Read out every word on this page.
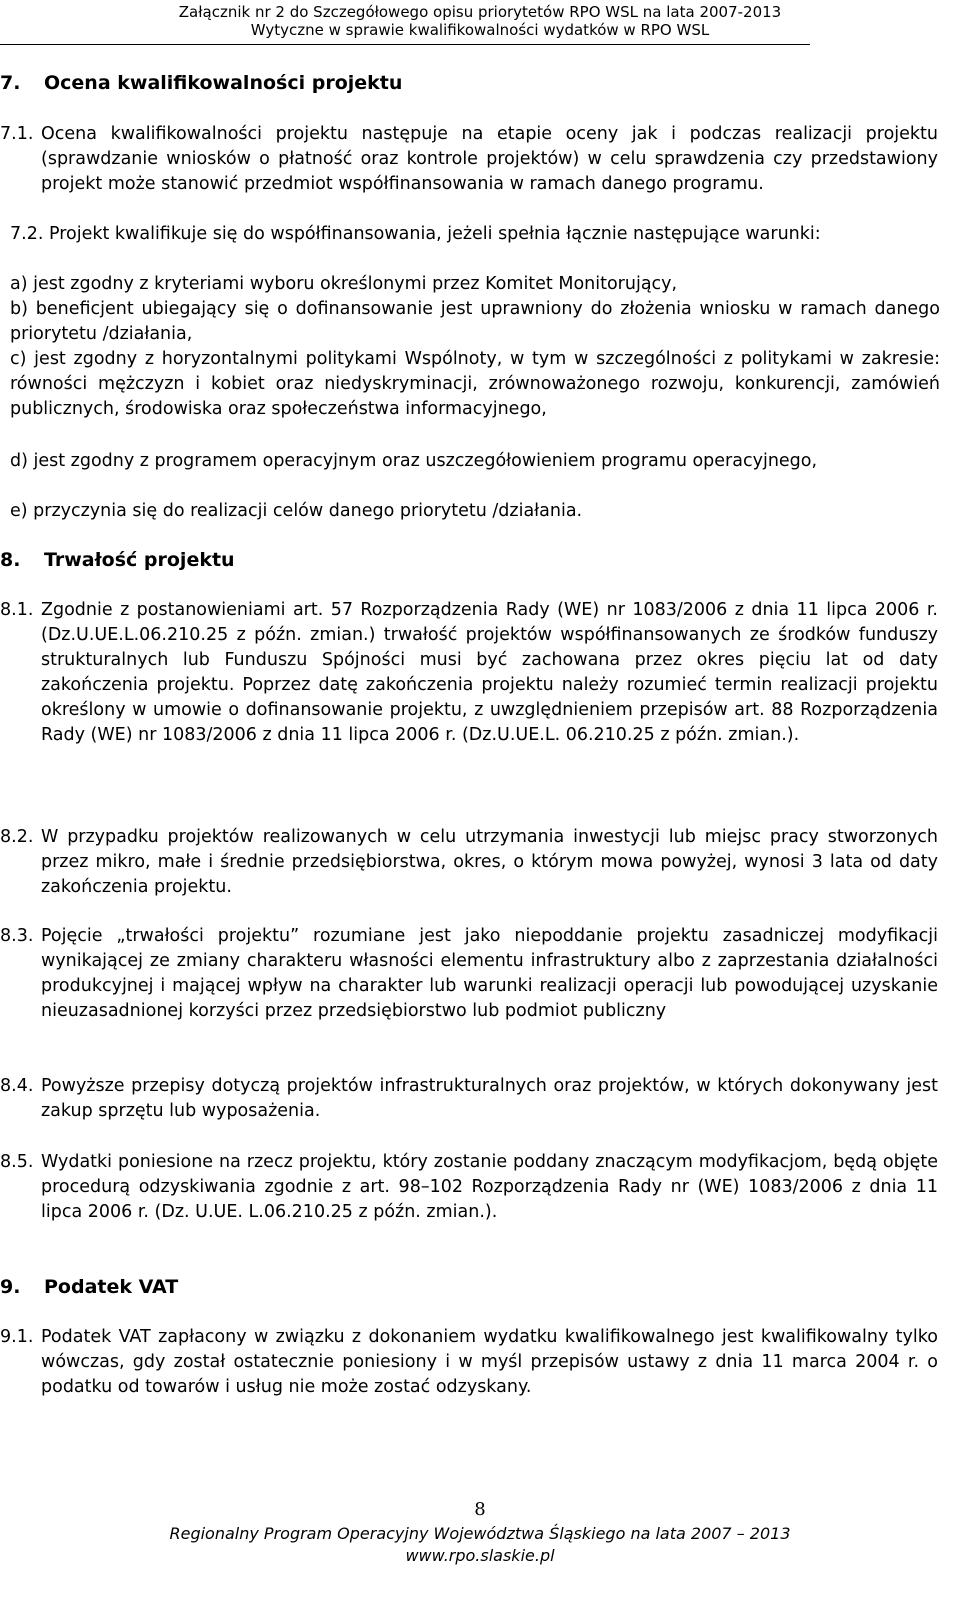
Załącznik nr 2 do Szczegółowego opisu priorytetów RPO WSL na lata 2007-2013
Wytyczne w sprawie kwalifikowalności wydatków w RPO WSL
7. Ocena kwalifikowalności projektu
7.1. Ocena kwalifikowalności projektu następuje na etapie oceny jak i podczas realizacji projektu (sprawdzanie wniosków o płatność oraz kontrole projektów) w celu sprawdzenia czy przedstawiony projekt może stanowić przedmiot współfinansowania w ramach danego programu.
7.2. Projekt kwalifikuje się do współfinansowania, jeżeli spełnia łącznie następujące warunki:
a) jest zgodny z kryteriami wyboru określonymi przez Komitet Monitorujący,
b) beneficjent ubiegający się o dofinansowanie jest uprawniony do złożenia wniosku w ramach danego priorytetu /działania,
c) jest zgodny z horyzontalnymi politykami Wspólnoty, w tym w szczególności z politykami w zakresie: równości mężczyzn i kobiet oraz niedyskryminacji, zrównoważonego rozwoju, konkurencji, zamówień publicznych, środowiska oraz społeczeństwa informacyjnego,
d) jest zgodny z programem operacyjnym oraz uszczegółowieniem programu operacyjnego,
e) przyczynia się do realizacji celów danego priorytetu /działania.
8. Trwałość projektu
8.1. Zgodnie z postanowieniami art. 57 Rozporządzenia Rady (WE) nr 1083/2006 z dnia 11 lipca 2006 r. (Dz.U.UE.L.06.210.25 z późn. zmian.) trwałość projektów współfinansowanych ze środków funduszy strukturalnych lub Funduszu Spójności musi być zachowana przez okres pięciu lat od daty zakończenia projektu. Poprzez datę zakończenia projektu należy rozumieć termin realizacji projektu określony w umowie o dofinansowanie projektu, z uwzględnieniem przepisów art. 88 Rozporządzenia Rady (WE) nr 1083/2006 z dnia 11 lipca 2006 r. (Dz.U.UE.L. 06.210.25 z późn. zmian.).
8.2. W przypadku projektów realizowanych w celu utrzymania inwestycji lub miejsc pracy stworzonych przez mikro, małe i średnie przedsiębiorstwa, okres, o którym mowa powyżej, wynosi 3 lata od daty zakończenia projektu.
8.3. Pojęcie „trwałości projektu” rozumiane jest jako niepoddanie projektu zasadniczej modyfikacji wynikającej ze zmiany charakteru własności elementu infrastruktury albo z zaprzestania działalności produkcyjnej i mającej wpływ na charakter lub warunki realizacji operacji lub powodującej uzyskanie nieuzasadnionej korzyści przez przedsiębiorstwo lub podmiot publiczny
8.4. Powyższe przepisy dotyczą projektów infrastrukturalnych oraz projektów, w których dokonywany jest zakup sprzętu lub wyposażenia.
8.5. Wydatki poniesione na rzecz projektu, który zostanie poddany znaczącym modyfikacjom, będą objęte procedurą odzyskiwania zgodnie z art. 98–102 Rozporządzenia Rady nr (WE) 1083/2006 z dnia 11 lipca 2006 r. (Dz. U.UE. L.06.210.25 z późn. zmian.).
9. Podatek VAT
9.1. Podatek VAT zapłacony w związku z dokonaniem wydatku kwalifikowalnego jest kwalifikowalny tylko wówczas, gdy został ostatecznie poniesiony i w myśl przepisów ustawy z dnia 11 marca 2004 r. o podatku od towarów i usług nie może zostać odzyskany.
8
Regionalny Program Operacyjny Województwa Śląskiego na lata 2007 – 2013
www.rpo.slaskie.pl
